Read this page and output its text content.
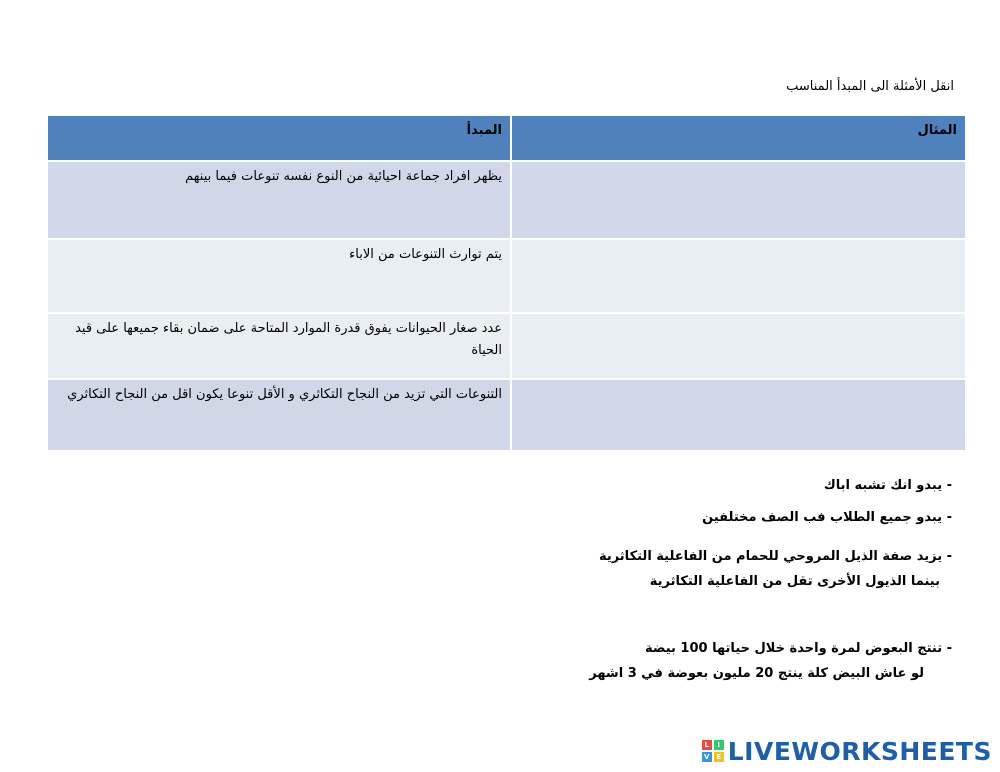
انقل الأمثلة الى المبدأ المناسب
المثال	المبدأ
	يظهر افراد جماعة احيائية من النوع نفسه تنوعات فيما بينهم
	يتم توارث التنوعات من الاباء
	عدد صغار الحيوانات يفوق قدرة الموارد المتاحة على ضمان بقاء جميعها على قيد الحياة
	التنوعات التي تزيد من النجاح التكاثري و الأقل تنوعا يكون اقل من النجاح التكاثري
- يبدو انك تشبه اباك
- يبدو جميع الطلاب فب الصف مختلفين
- يزيد صفة الذيل المروحي للحمام من الفاعلية التكاثرية
بينما الذيول الأخرى تقل من الفاعلية التكاثرية
- تنتج البعوض لمرة واحدة خلال حياتها 100 بيضة
لو عاش البيض كلة ينتج 20 مليون بعوضة في 3 اشهر
L	I
V E LIVEWORKSHEETS
